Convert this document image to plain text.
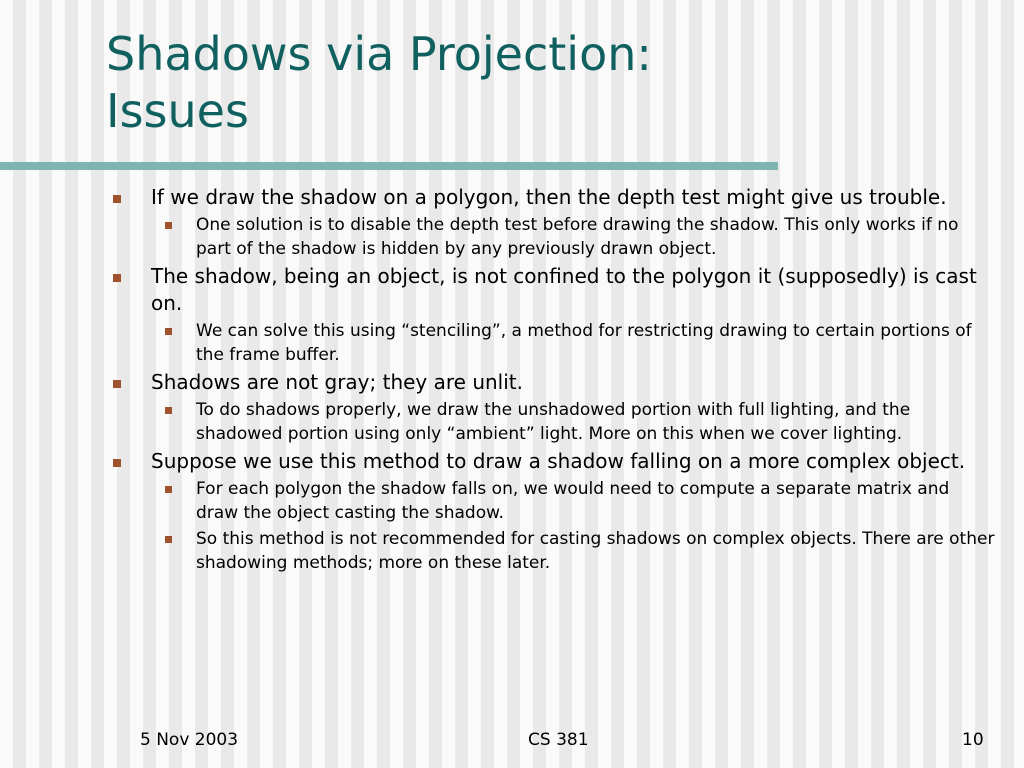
Shadows via Projection:
Issues
If we draw the shadow on a polygon, then the depth test might give us trouble.
One solution is to disable the depth test before drawing the shadow. This only works if no part of the shadow is hidden by any previously drawn object.
The shadow, being an object, is not confined to the polygon it (supposedly) is cast on.
We can solve this using “stenciling”, a method for restricting drawing to certain portions of the frame buffer.
Shadows are not gray; they are unlit.
To do shadows properly, we draw the unshadowed portion with full lighting, and the shadowed portion using only “ambient” light. More on this when we cover lighting.
Suppose we use this method to draw a shadow falling on a more complex object.
For each polygon the shadow falls on, we would need to compute a separate matrix and draw the object casting the shadow.
So this method is not recommended for casting shadows on complex objects. There are other shadowing methods; more on these later.
5 Nov 2003	CS 381	10
